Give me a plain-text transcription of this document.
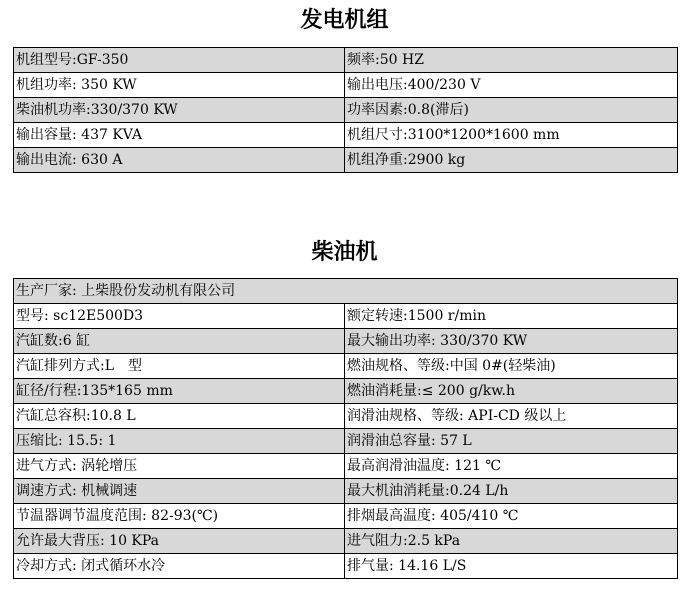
发电机组
机组型号:GF-350	频率:50 HZ
机组功率: 350 KW	输出电压:400/230 V
柴油机功率:330/370 KW	功率因素:0.8(滞后)
输出容量: 437 KVA	机组尺寸:3100*1200*1600 mm
输出电流: 630 A	机组净重:2900 kg
柴油机
生产厂家: 上柴股份发动机有限公司	
型号: sc12E500D3	额定转速:1500 r/min
汽缸数:6 缸	最大输出功率: 330/370 KW
汽缸排列方式:L　型	燃油规格、等级:中国 0#(轻柴油)
缸径/行程:135*165 mm	燃油消耗量:≤ 200 g/kw.h
汽缸总容积:10.8 L	润滑油规格、等级: API-CD 级以上
压缩比: 15.5: 1	润滑油总容量: 57 L
进气方式: 涡轮增压	最高润滑油温度: 121 ℃
调速方式: 机械调速	最大机油消耗量:0.24 L/h
节温器调节温度范围: 82-93(℃)	排烟最高温度: 405/410 ℃
允许最大背压: 10 KPa	进气阻力:2.5 kPa
冷却方式: 闭式循环水冷	排气量: 14.16 L/S
